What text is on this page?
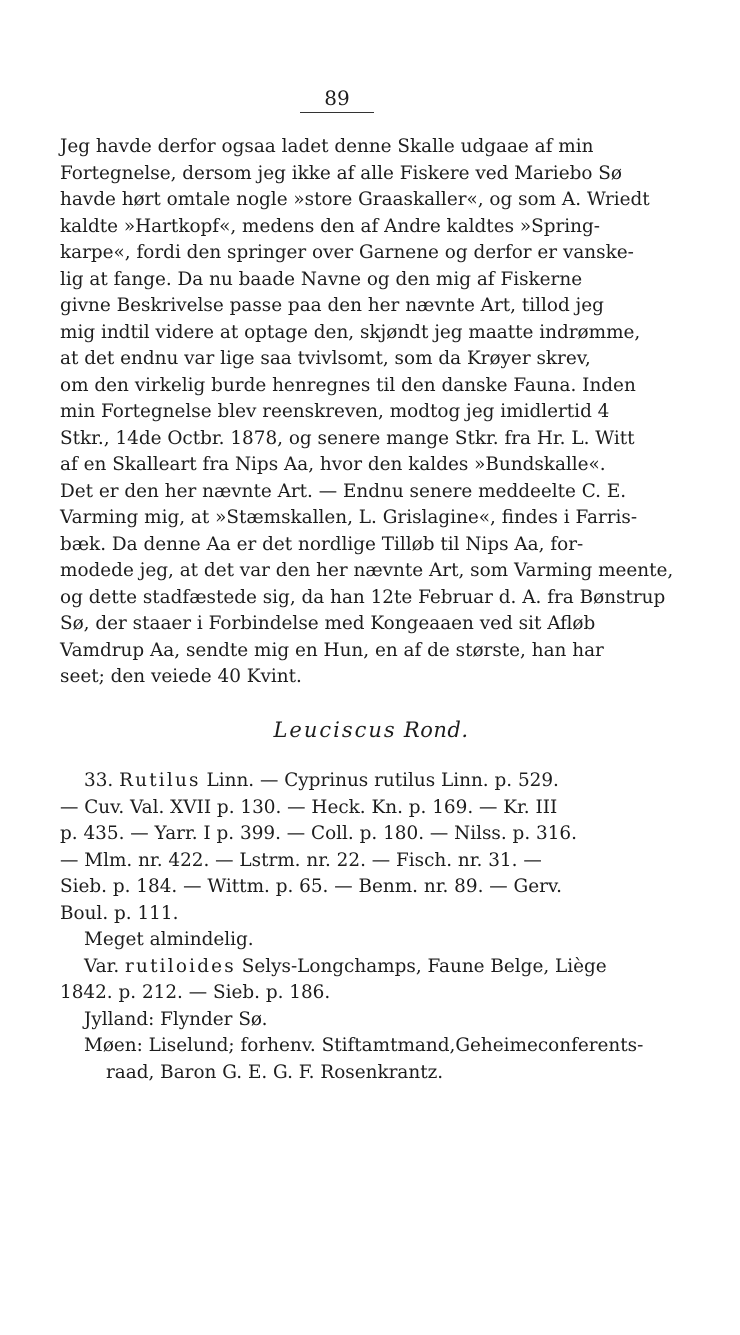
89
Jeg havde derfor ogsaa ladet denne Skalle udgaae af min
Fortegnelse, dersom jeg ikke af alle Fiskere ved Mariebo Sø
havde hørt omtale nogle »store Graaskaller«, og som A. Wriedt
kaldte »Hartkopf«, medens den af Andre kaldtes »Spring-
karpe«, fordi den springer over Garnene og derfor er vanske-
lig at fange. Da nu baade Navne og den mig af Fiskerne
givne Beskrivelse passe paa den her nævnte Art, tillod jeg
mig indtil videre at optage den, skjøndt jeg maatte indrømme,
at det endnu var lige saa tvivlsomt, som da Krøyer skrev,
om den virkelig burde henregnes til den danske Fauna. Inden
min Fortegnelse blev reenskreven, modtog jeg imidlertid 4
Stkr., 14de Octbr. 1878, og senere mange Stkr. fra Hr. L. Witt
af en Skalleart fra Nips Aa, hvor den kaldes »Bundskalle«.
Det er den her nævnte Art. — Endnu senere meddeelte C. E.
Varming mig, at »Stæmskallen, L. Grislagine«, findes i Farris-
bæk. Da denne Aa er det nordlige Tilløb til Nips Aa, for-
modede jeg, at det var den her nævnte Art, som Varming meente,
og dette stadfæstede sig, da han 12te Februar d. A. fra Bønstrup
Sø, der staaer i Forbindelse med Kongeaaen ved sit Afløb
Vamdrup Aa, sendte mig en Hun, en af de største, han har
seet; den veiede 40 Kvint.
Leuciscus Rond.
33. Rutilus Linn. — Cyprinus rutilus Linn. p. 529.
— Cuv. Val. XVII p. 130. — Heck. Kn. p. 169. — Kr. III
p. 435. — Yarr. I p. 399. — Coll. p. 180. — Nilss. p. 316.
— Mlm. nr. 422. — Lstrm. nr. 22. — Fisch. nr. 31. —
Sieb. p. 184. — Wittm. p. 65. — Benm. nr. 89. — Gerv.
Boul. p. 111.
Meget almindelig.
Var. rutiloides Selys-Longchamps, Faune Belge, Liège
1842. p. 212. — Sieb. p. 186.
Jylland: Flynder Sø.
Møen: Liselund; forhenv. Stiftamtmand,Geheimeconferents-
raad, Baron G. E. G. F. Rosenkrantz.
